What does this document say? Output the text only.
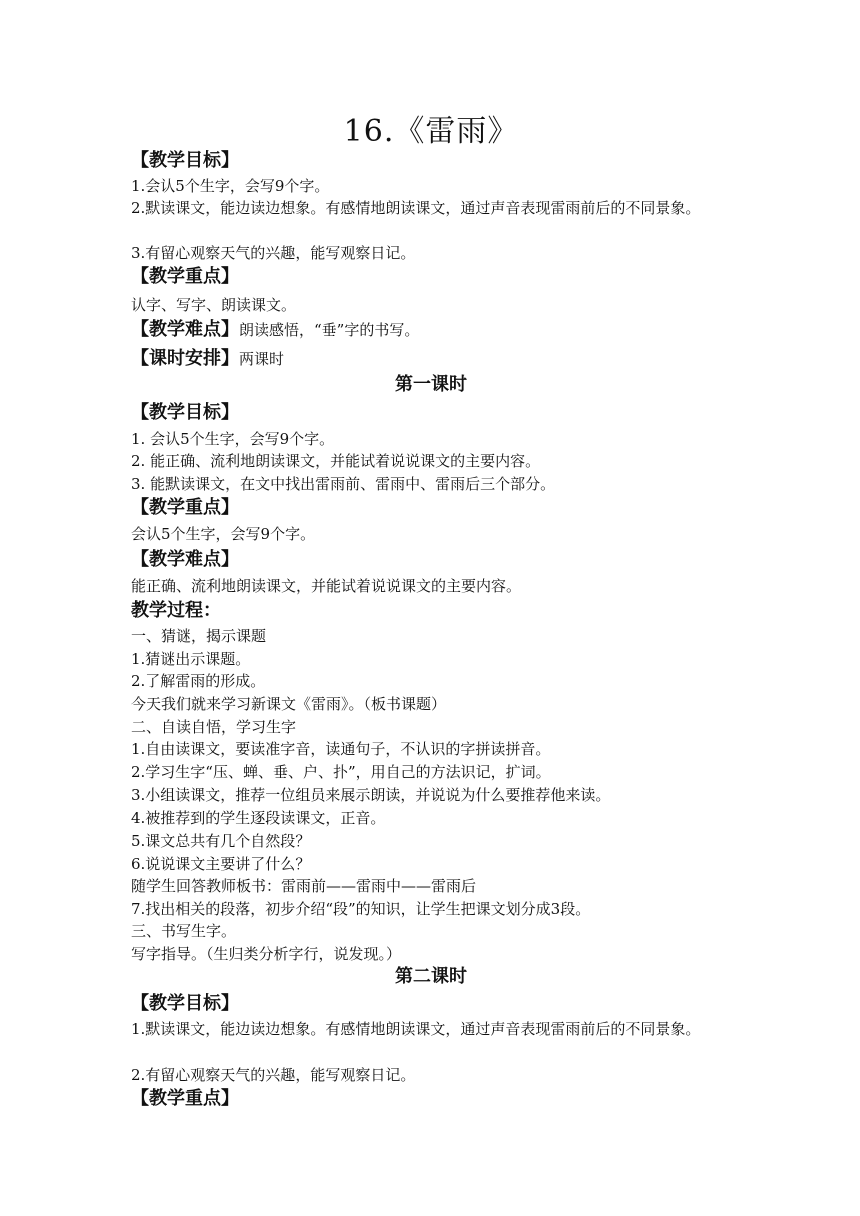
16.《雷雨》
【教学目标】
1.会认5个生字，会写9个字。
2.默读课文，能边读边想象。有感情地朗读课文，通过声音表现雷雨前后的不同景象。
3.有留心观察天气的兴趣，能写观察日记。
【教学重点】
认字、写字、朗读课文。
【教学难点】朗读感悟，“垂”字的书写。
【课时安排】两课时
第一课时
【教学目标】
1. 会认5个生字，会写9个字。
2. 能正确、流利地朗读课文，并能试着说说课文的主要内容。
3. 能默读课文，在文中找出雷雨前、雷雨中、雷雨后三个部分。
【教学重点】
会认5个生字，会写9个字。
【教学难点】
能正确、流利地朗读课文，并能试着说说课文的主要内容。
教学过程：
一、猜谜，揭示课题
1.猜谜出示课题。
2.了解雷雨的形成。
今天我们就来学习新课文《雷雨》。（板书课题）
二、自读自悟，学习生字
1.自由读课文，要读准字音，读通句子，不认识的字拼读拼音。
2.学习生字“压、蝉、垂、户、扑”，用自己的方法识记，扩词。
3.小组读课文，推荐一位组员来展示朗读，并说说为什么要推荐他来读。
4.被推荐到的学生逐段读课文，正音。
5.课文总共有几个自然段？
6.说说课文主要讲了什么？
随学生回答教师板书：雷雨前——雷雨中——雷雨后
7.找出相关的段落，初步介绍“段”的知识，让学生把课文划分成3段。
三、书写生字。
写字指导。（生归类分析字行，说发现。）
第二课时
【教学目标】
1.默读课文，能边读边想象。有感情地朗读课文，通过声音表现雷雨前后的不同景象。
2.有留心观察天气的兴趣，能写观察日记。
【教学重点】
